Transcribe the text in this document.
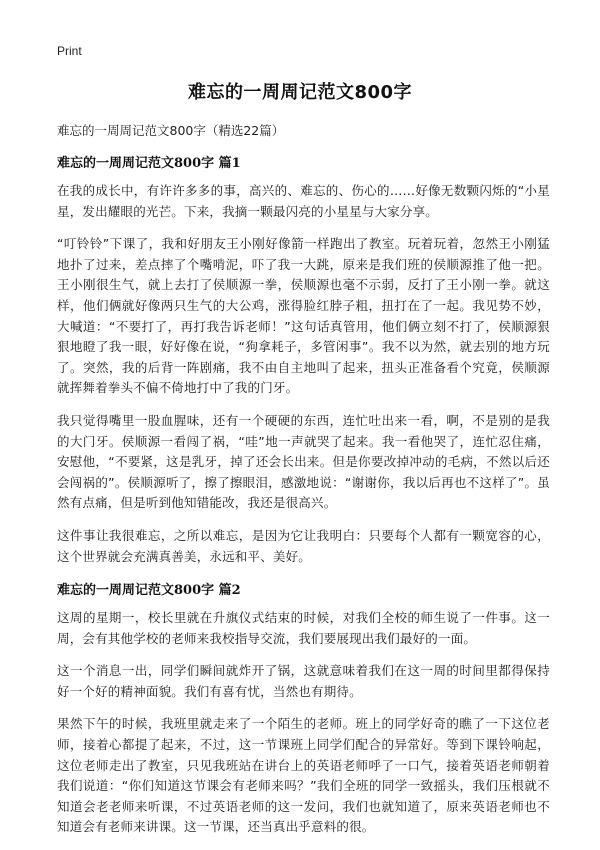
Print
难忘的一周周记范文800字
难忘的一周周记范文800字（精选22篇）
难忘的一周周记范文800字 篇1

在我的成长中，有许许多多的事，高兴的、难忘的、伤心的……好像无数颗闪烁的“小星星，发出耀眼的光芒。下来，我摘一颗最闪亮的小星星与大家分享。

“叮铃铃”下课了，我和好朋友王小刚好像箭一样跑出了教室。玩着玩着，忽然王小刚猛地扑了过来，差点摔了个嘴啃泥，吓了我一大跳，原来是我们班的侯顺源推了他一把。王小刚很生气，就上去打了侯顺源一拳，侯顺源也毫不示弱，反打了王小刚一拳。就这样，他们俩就好像两只生气的大公鸡，涨得脸红脖子粗，扭打在了一起。我见势不妙，大喊道：“不要打了，再打我告诉老师！”这句话真管用，他们俩立刻不打了，侯顺源狠狠地瞪了我一眼，好好像在说，“狗拿耗子，多管闲事”。我不以为然，就去别的地方玩了。突然，我的后背一阵剧痛，我不由自主地叫了起来，扭头正准备看个究竟，侯顺源就挥舞着拳头不偏不倚地打中了我的门牙。

我只觉得嘴里一股血腥味，还有一个硬硬的东西，连忙吐出来一看，啊，不是别的是我的大门牙。侯顺源一看闯了祸，“哇”地一声就哭了起来。我一看他哭了，连忙忍住痛，安慰他，“不要紧，这是乳牙，掉了还会长出来。但是你要改掉冲动的毛病，不然以后还会闯祸的”。侯顺源听了，擦了擦眼泪，感激地说：“谢谢你，我以后再也不这样了”。虽然有点痛，但是听到他知错能改，我还是很高兴。

这件事让我很难忘，之所以难忘，是因为它让我明白：只要每个人都有一颗宽容的心，这个世界就会充满真善美，永远和平、美好。

难忘的一周周记范文800字 篇2

这周的星期一，校长里就在升旗仪式结束的时候，对我们全校的师生说了一件事。这一周，会有其他学校的老师来我校指导交流，我们要展现出我们最好的一面。

这一个消息一出，同学们瞬间就炸开了锅，这就意味着我们在这一周的时间里都得保持好一个好的精神面貌。我们有喜有忧，当然也有期待。

果然下午的时候，我班里就走来了一个陌生的老师。班上的同学好奇的瞧了一下这位老师，接着心都提了起来，不过，这一节课班上同学们配合的异常好。等到下课铃响起，这位老师走出了教室，只见我班站在讲台上的英语老师呼了一口气，接着英语老师朝着我们说道：“你们知道这节课会有老师来吗？”我们全班的同学一致摇头，我们压根就不知道会老老师来听课，不过英语老师的这一发问，我们也就知道了，原来英语老师也不知道会有老师来讲课。这一节课，还当真出乎意料的很。
